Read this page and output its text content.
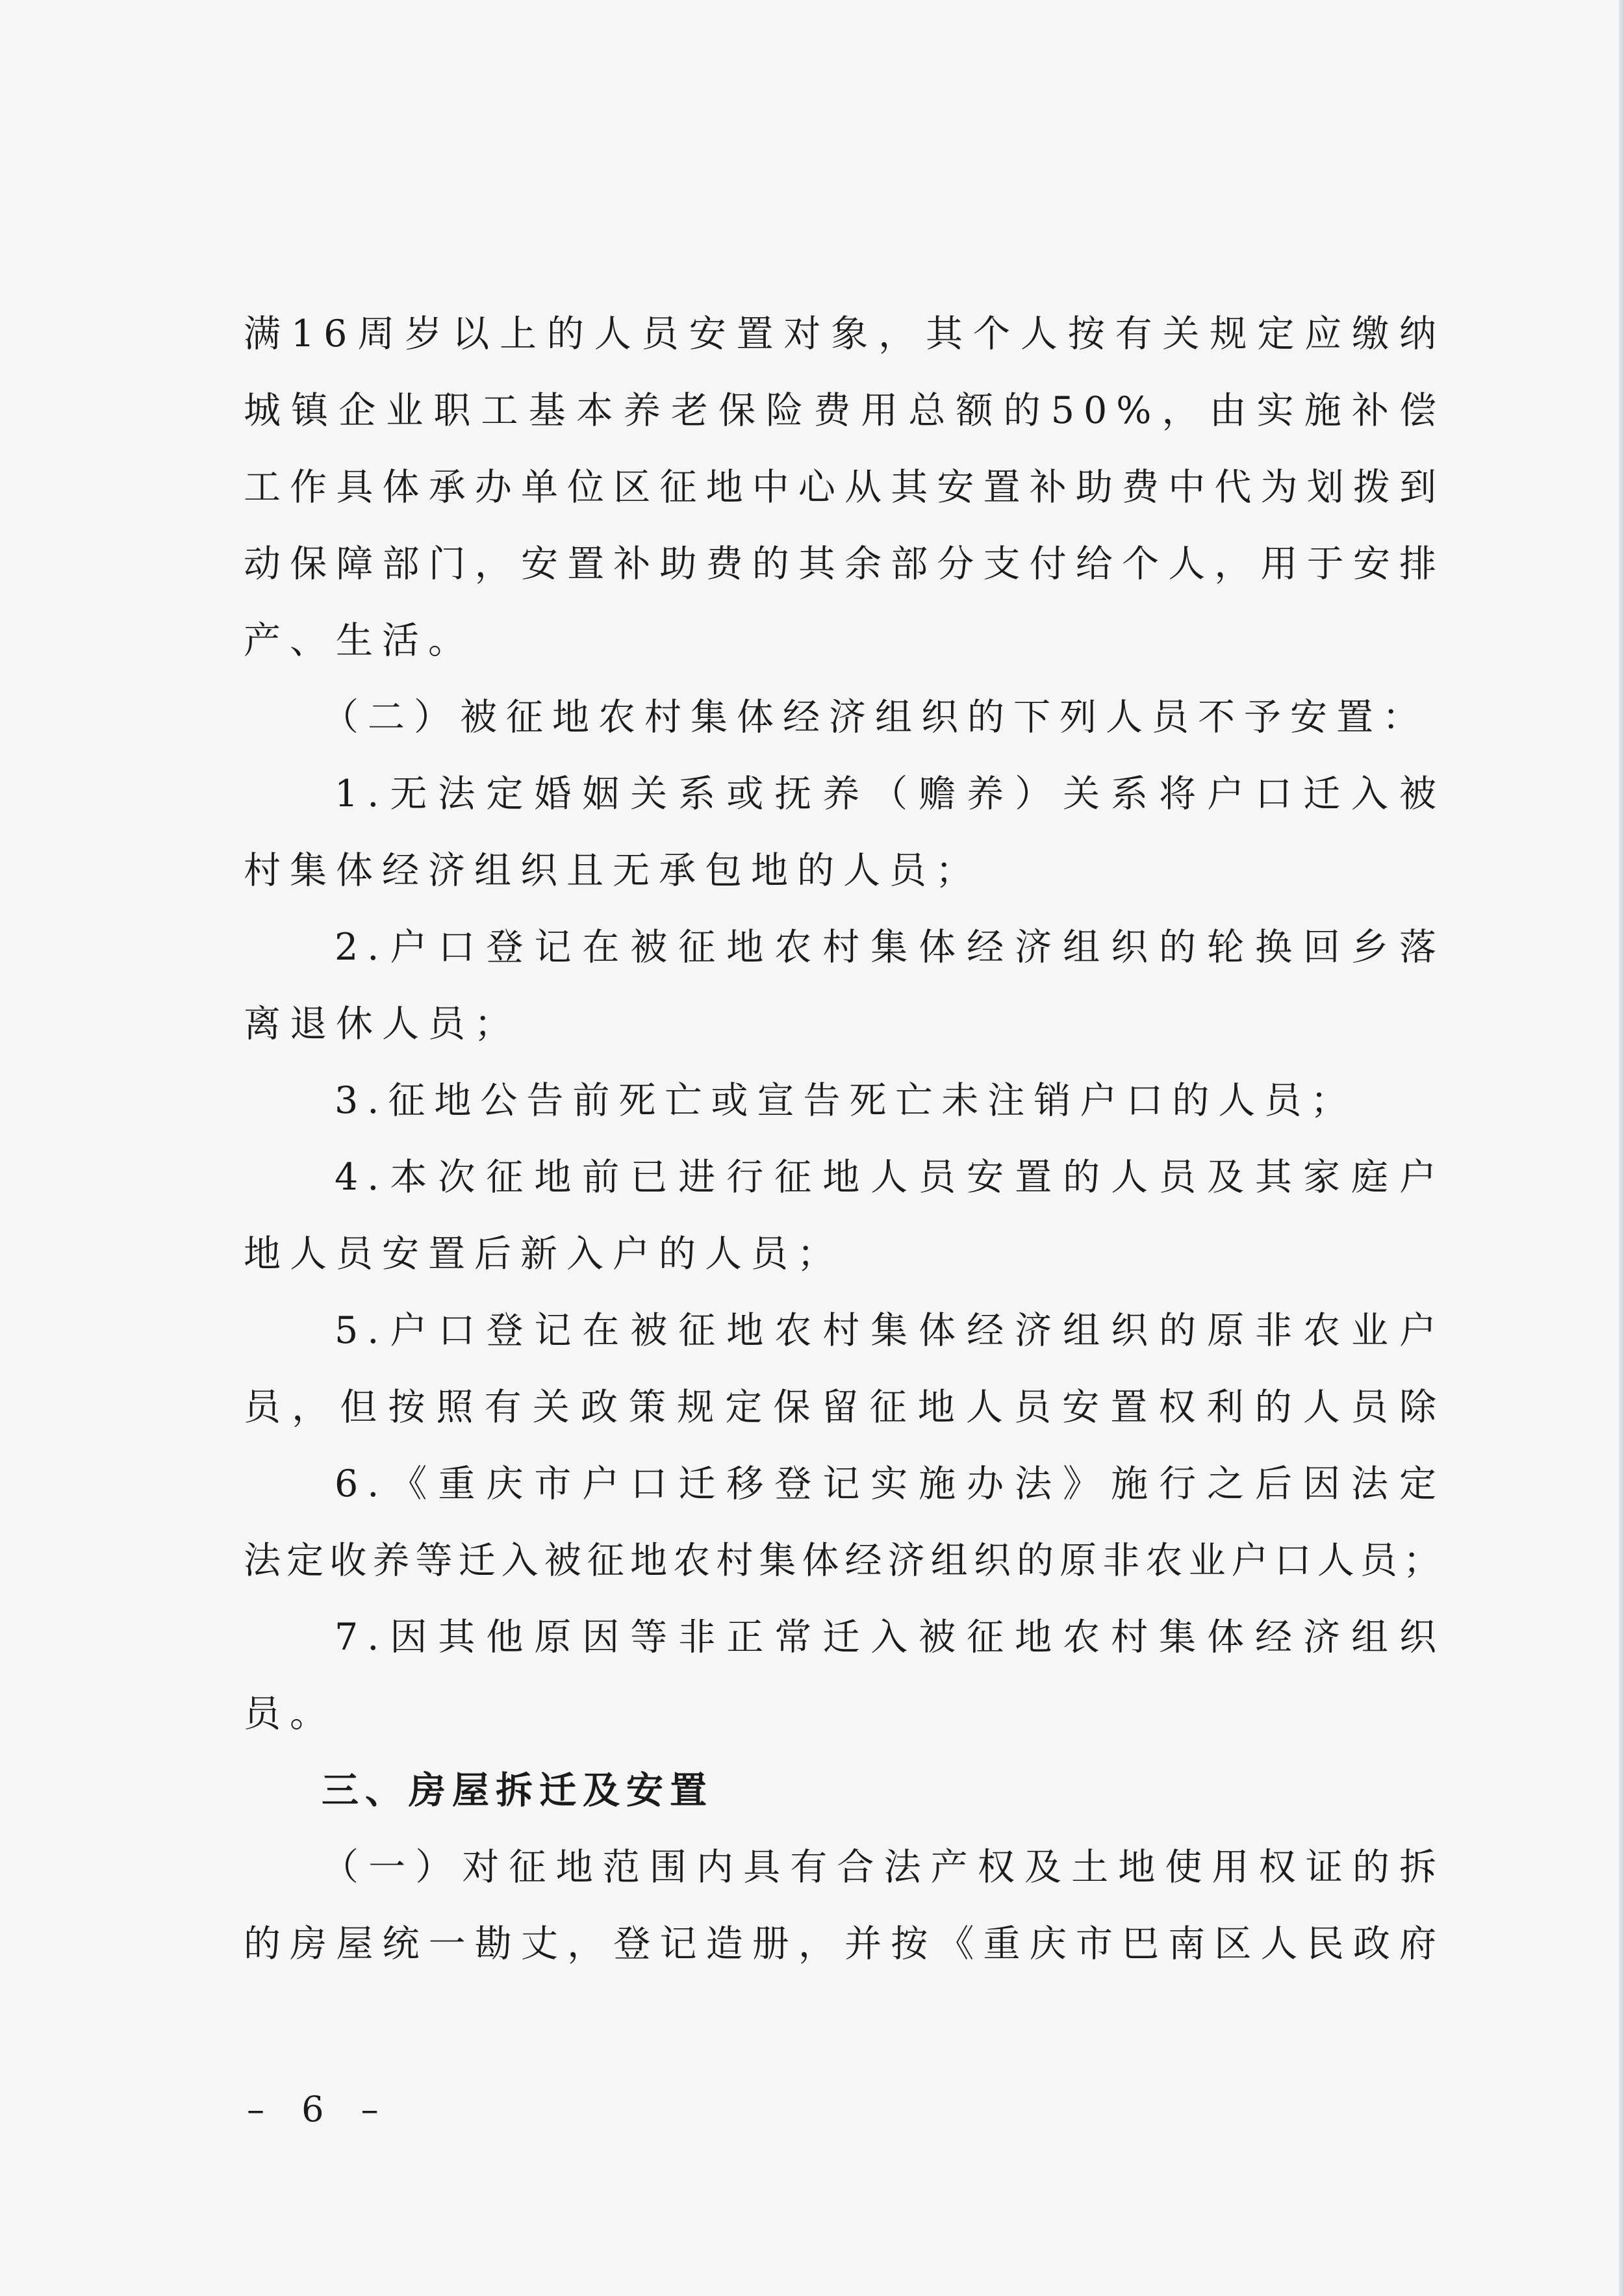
满16周岁以上的人员安置对象，其个人按有关规定应缴纳
城镇企业职工基本养老保险费用总额的50%，由实施补偿
工作具体承办单位区征地中心从其安置补助费中代为划拨到
动保障部门，安置补助费的其余部分支付给个人，用于安排
产、生活。
（二）被征地农村集体经济组织的下列人员不予安置：
1.无法定婚姻关系或抚养（赡养）关系将户口迁入被
村集体经济组织且无承包地的人员；
2.户口登记在被征地农村集体经济组织的轮换回乡落
离退休人员；
3.征地公告前死亡或宣告死亡未注销户口的人员；
4.本次征地前已进行征地人员安置的人员及其家庭户
地人员安置后新入户的人员；
5.户口登记在被征地农村集体经济组织的原非农业户
员，但按照有关政策规定保留征地人员安置权利的人员除
6.《重庆市户口迁移登记实施办法》施行之后因法定
法定收养等迁入被征地农村集体经济组织的原非农业户口人员；
7.因其他原因等非正常迁入被征地农村集体经济组织
员。
三、房屋拆迁及安置
（一）对征地范围内具有合法产权及土地使用权证的拆
的房屋统一勘丈，登记造册，并按《重庆市巴南区人民政府
– 6 –
